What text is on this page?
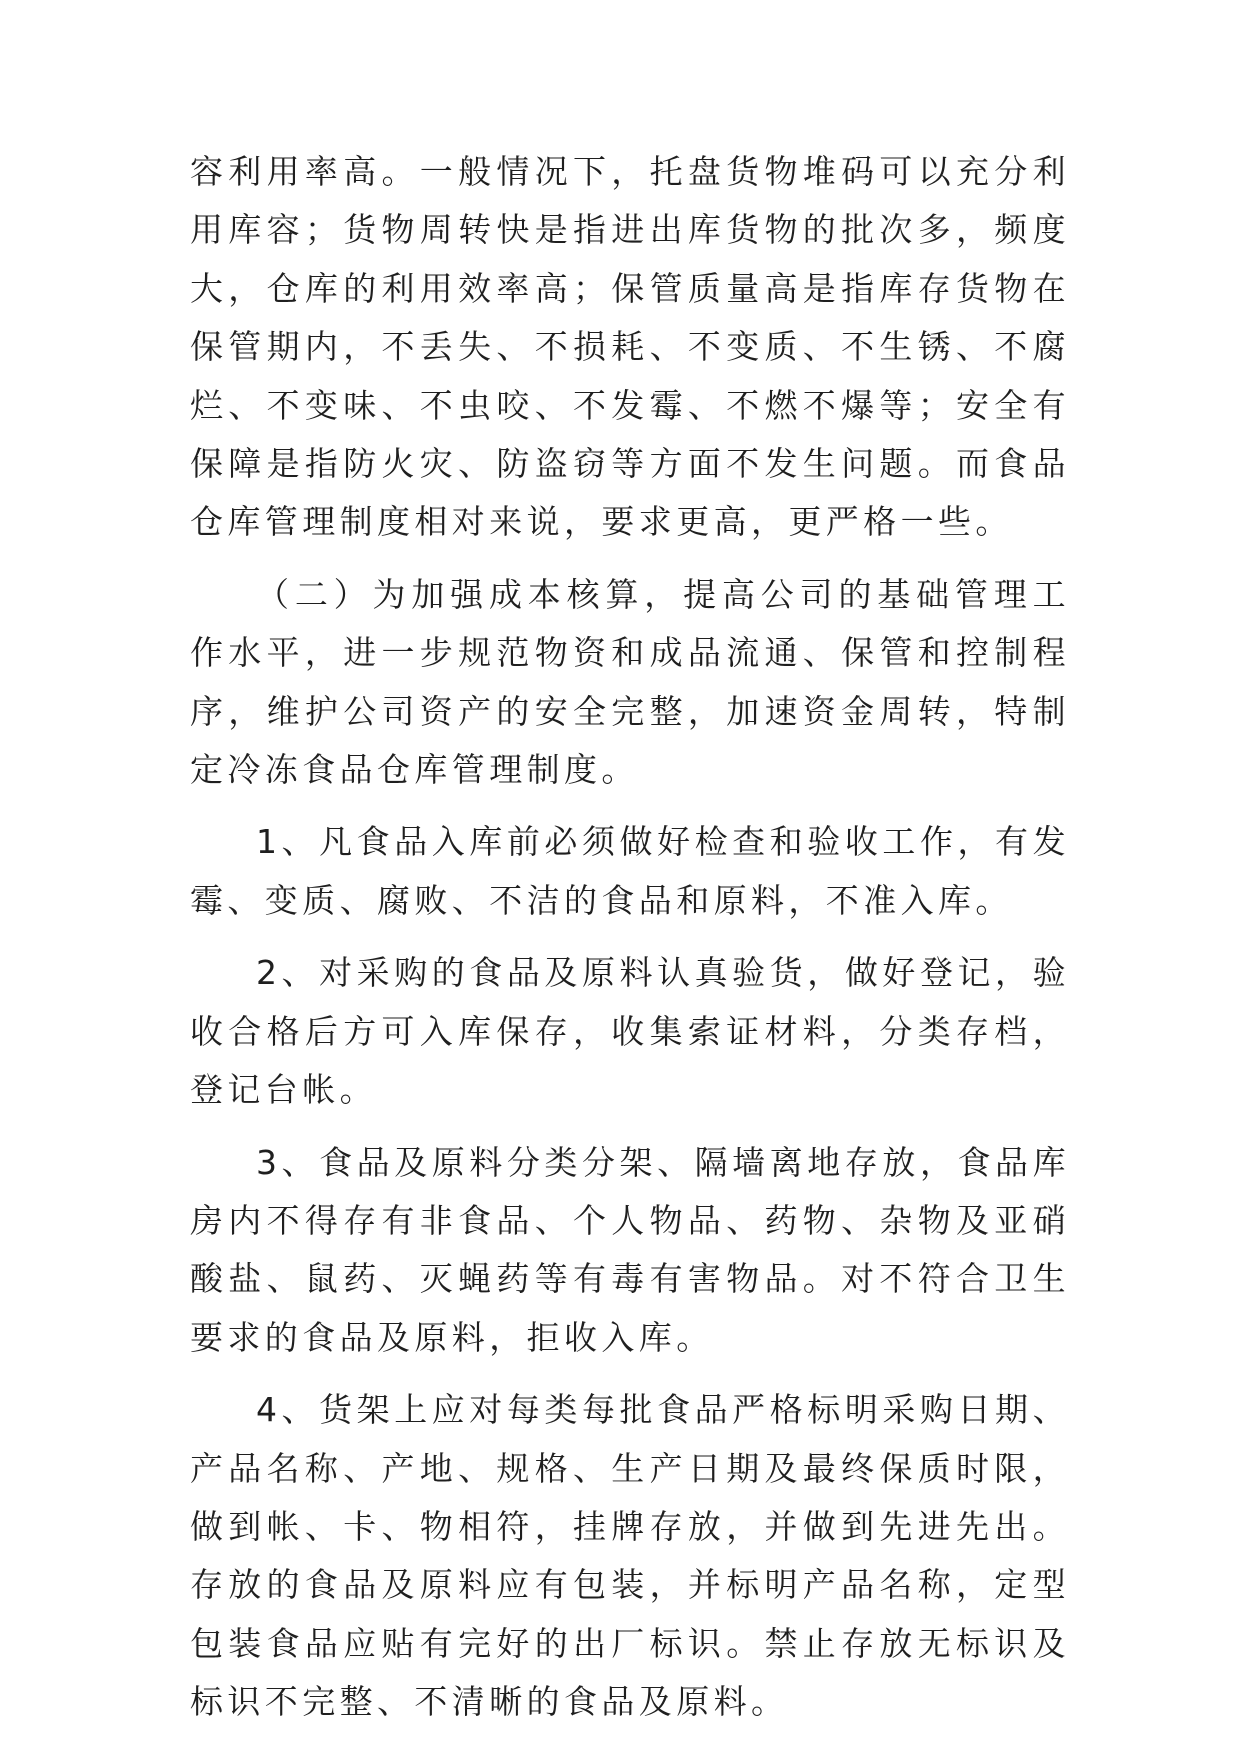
容利用率高。一般情况下，托盘货物堆码可以充分利用库容；货物周转快是指进出库货物的批次多，频度大，仓库的利用效率高；保管质量高是指库存货物在保管期内，不丢失、不损耗、不变质、不生锈、不腐烂、不变味、不虫咬、不发霉、不燃不爆等；安全有保障是指防火灾、防盗窃等方面不发生问题。而食品仓库管理制度相对来说，要求更高，更严格一些。

（二）为加强成本核算，提高公司的基础管理工作水平，进一步规范物资和成品流通、保管和控制程序，维护公司资产的安全完整，加速资金周转，特制定冷冻食品仓库管理制度。

1、凡食品入库前必须做好检查和验收工作，有发霉、变质、腐败、不洁的食品和原料，不准入库。

2、对采购的食品及原料认真验货，做好登记，验收合格后方可入库保存，收集索证材料，分类存档，登记台帐。

3、食品及原料分类分架、隔墙离地存放，食品库房内不得存有非食品、个人物品、药物、杂物及亚硝酸盐、鼠药、灭蝇药等有毒有害物品。对不符合卫生要求的食品及原料，拒收入库。

4、货架上应对每类每批食品严格标明采购日期、产品名称、产地、规格、生产日期及最终保质时限，做到帐、卡、物相符，挂牌存放，并做到先进先出。存放的食品及原料应有包装，并标明产品名称，定型包装食品应贴有完好的出厂标识。禁止存放无标识及标识不完整、不清晰的食品及原料。
